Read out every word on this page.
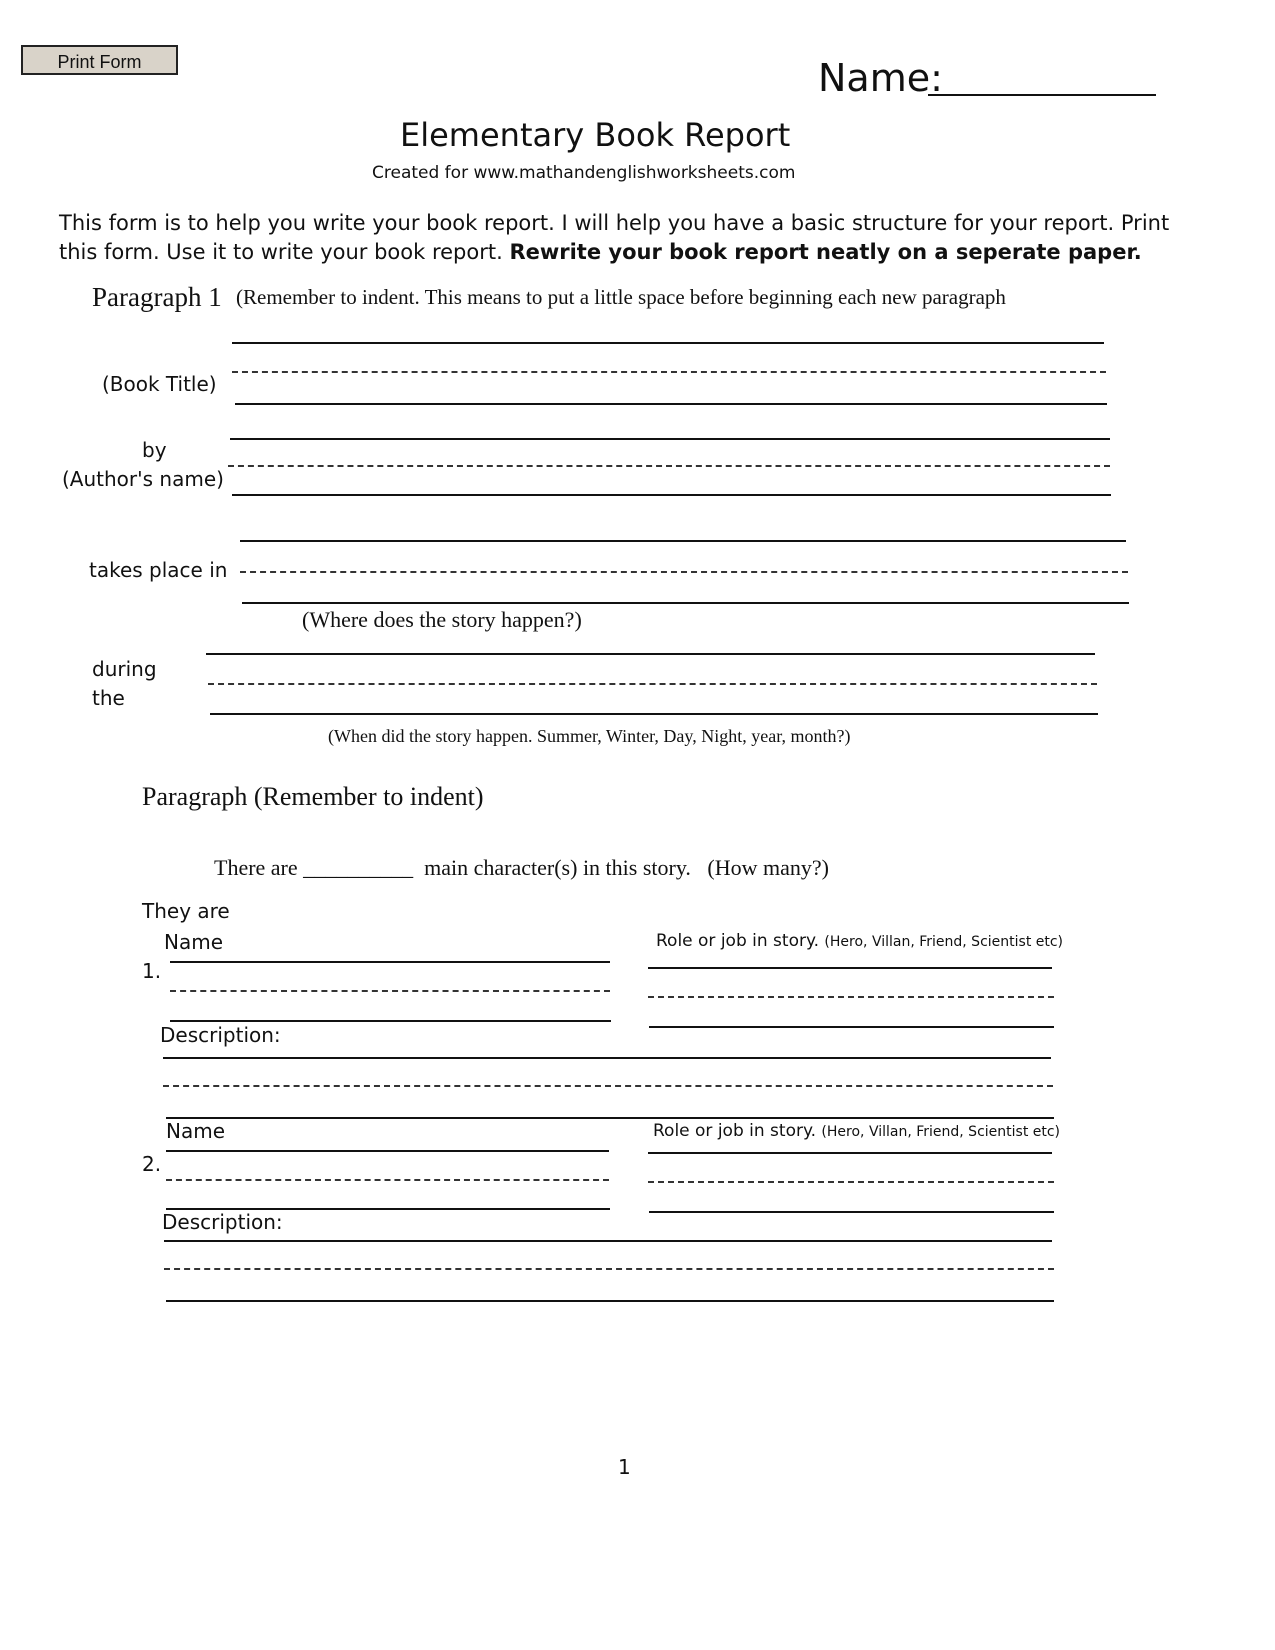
Print Form	Name:
Elementary Book Report
Created for www.mathandenglishworksheets.com
This form is to help you write your book report. I will help you have a basic structure for your report. Print
this form. Use it to write your book report. Rewrite your book report neatly on a seperate paper.
Paragraph 1 (Remember to indent. This means to put a little space before beginning each new paragraph
(Book Title)
by
(Author's name)
takes place in
(Where does the story happen?)
during
the
(When did the story happen. Summer, Winter, Day, Night, year, month?)
Paragraph (Remember to indent)
There are __________  main character(s) in this story.   (How many?)
They are
Name
1.
Role or job in story. (Hero, Villan, Friend, Scientist etc)
Description:
Name
2.
Role or job in story. (Hero, Villan, Friend, Scientist etc)
Description:
1
